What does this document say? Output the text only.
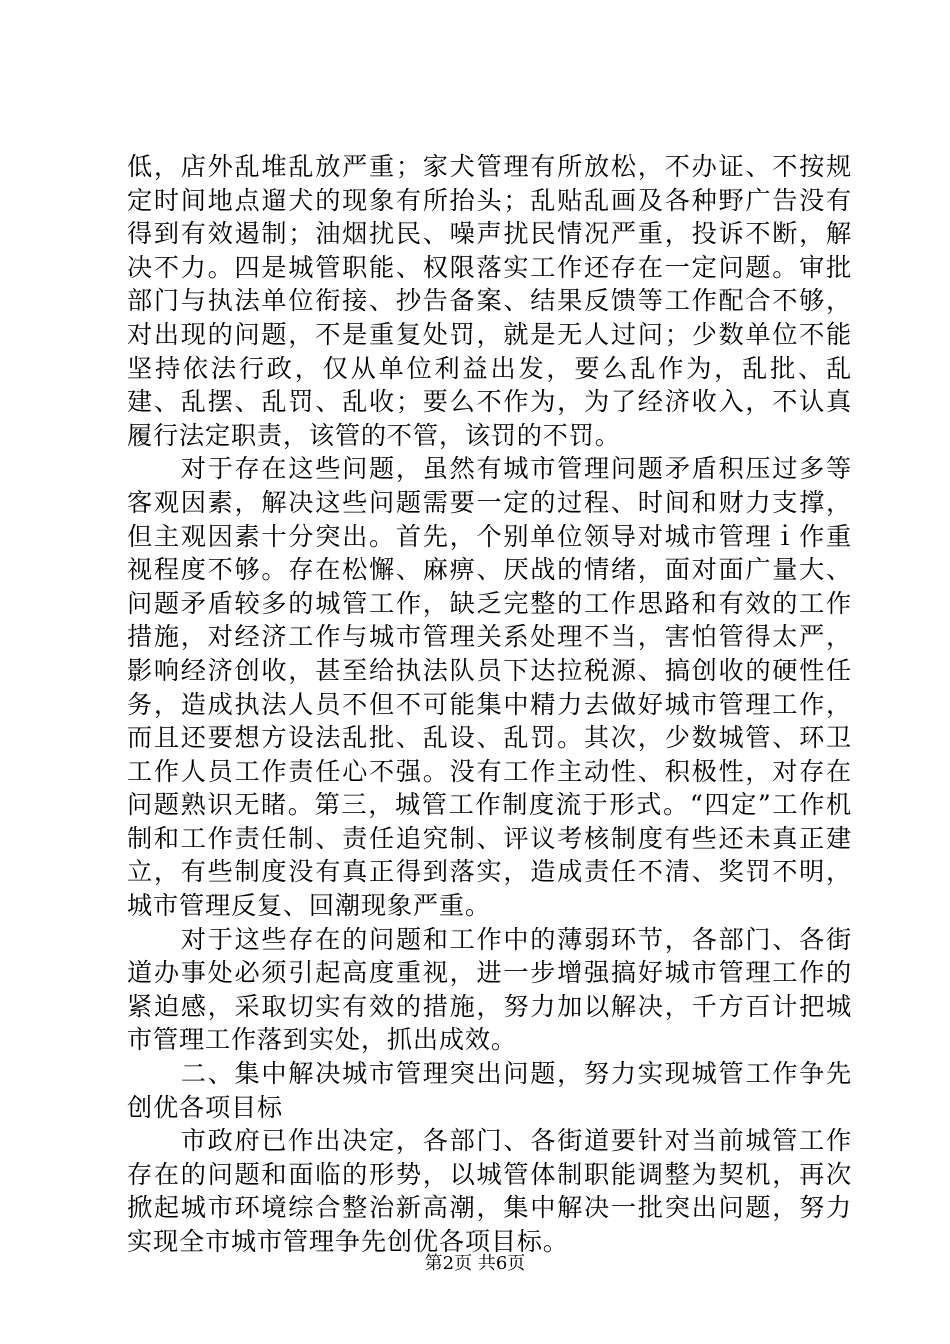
低，店外乱堆乱放严重；家犬管理有所放松，不办证、不按规定时间地点遛犬的现象有所抬头；乱贴乱画及各种野广告没有得到有效遏制；油烟扰民、噪声扰民情况严重，投诉不断，解决不力。四是城管职能、权限落实工作还存在一定问题。审批部门与执法单位衔接、抄告备案、结果反馈等工作配合不够，对出现的问题，不是重复处罚，就是无人过问；少数单位不能坚持依法行政，仅从单位利益出发，要么乱作为，乱批、乱建、乱摆、乱罚、乱收；要么不作为，为了经济收入，不认真履行法定职责，该管的不管，该罚的不罚。

　　对于存在这些问题，虽然有城市管理问题矛盾积压过多等客观因素，解决这些问题需要一定的过程、时间和财力支撑，但主观因素十分突出。首先，个别单位领导对城市管理ｉ作重视程度不够。存在松懈、麻痹、厌战的情绪，面对面广量大、问题矛盾较多的城管工作，缺乏完整的工作思路和有效的工作措施，对经济工作与城市管理关系处理不当，害怕管得太严，影响经济创收，甚至给执法队员下达拉税源、搞创收的硬性任务，造成执法人员不但不可能集中精力去做好城市管理工作，而且还要想方设法乱批、乱设、乱罚。其次，少数城管、环卫工作人员工作责任心不强。没有工作主动性、积极性，对存在问题熟识无睹。第三，城管工作制度流于形式。“四定”工作机制和工作责任制、责任追究制、评议考核制度有些还未真正建立，有些制度没有真正得到落实，造成责任不清、奖罚不明，城市管理反复、回潮现象严重。

　　对于这些存在的问题和工作中的薄弱环节，各部门、各街道办事处必须引起高度重视，进一步增强搞好城市管理工作的紧迫感，采取切实有效的措施，努力加以解决，千方百计把城市管理工作落到实处，抓出成效。

　　二、集中解决城市管理突出问题，努力实现城管工作争先创优各项目标

　　市政府已作出决定，各部门、各街道要针对当前城管工作存在的问题和面临的形势，以城管体制职能调整为契机，再次掀起城市环境综合整治新高潮，集中解决一批突出问题，努力实现全市城市管理争先创优各项目标。

第2页 共6页
